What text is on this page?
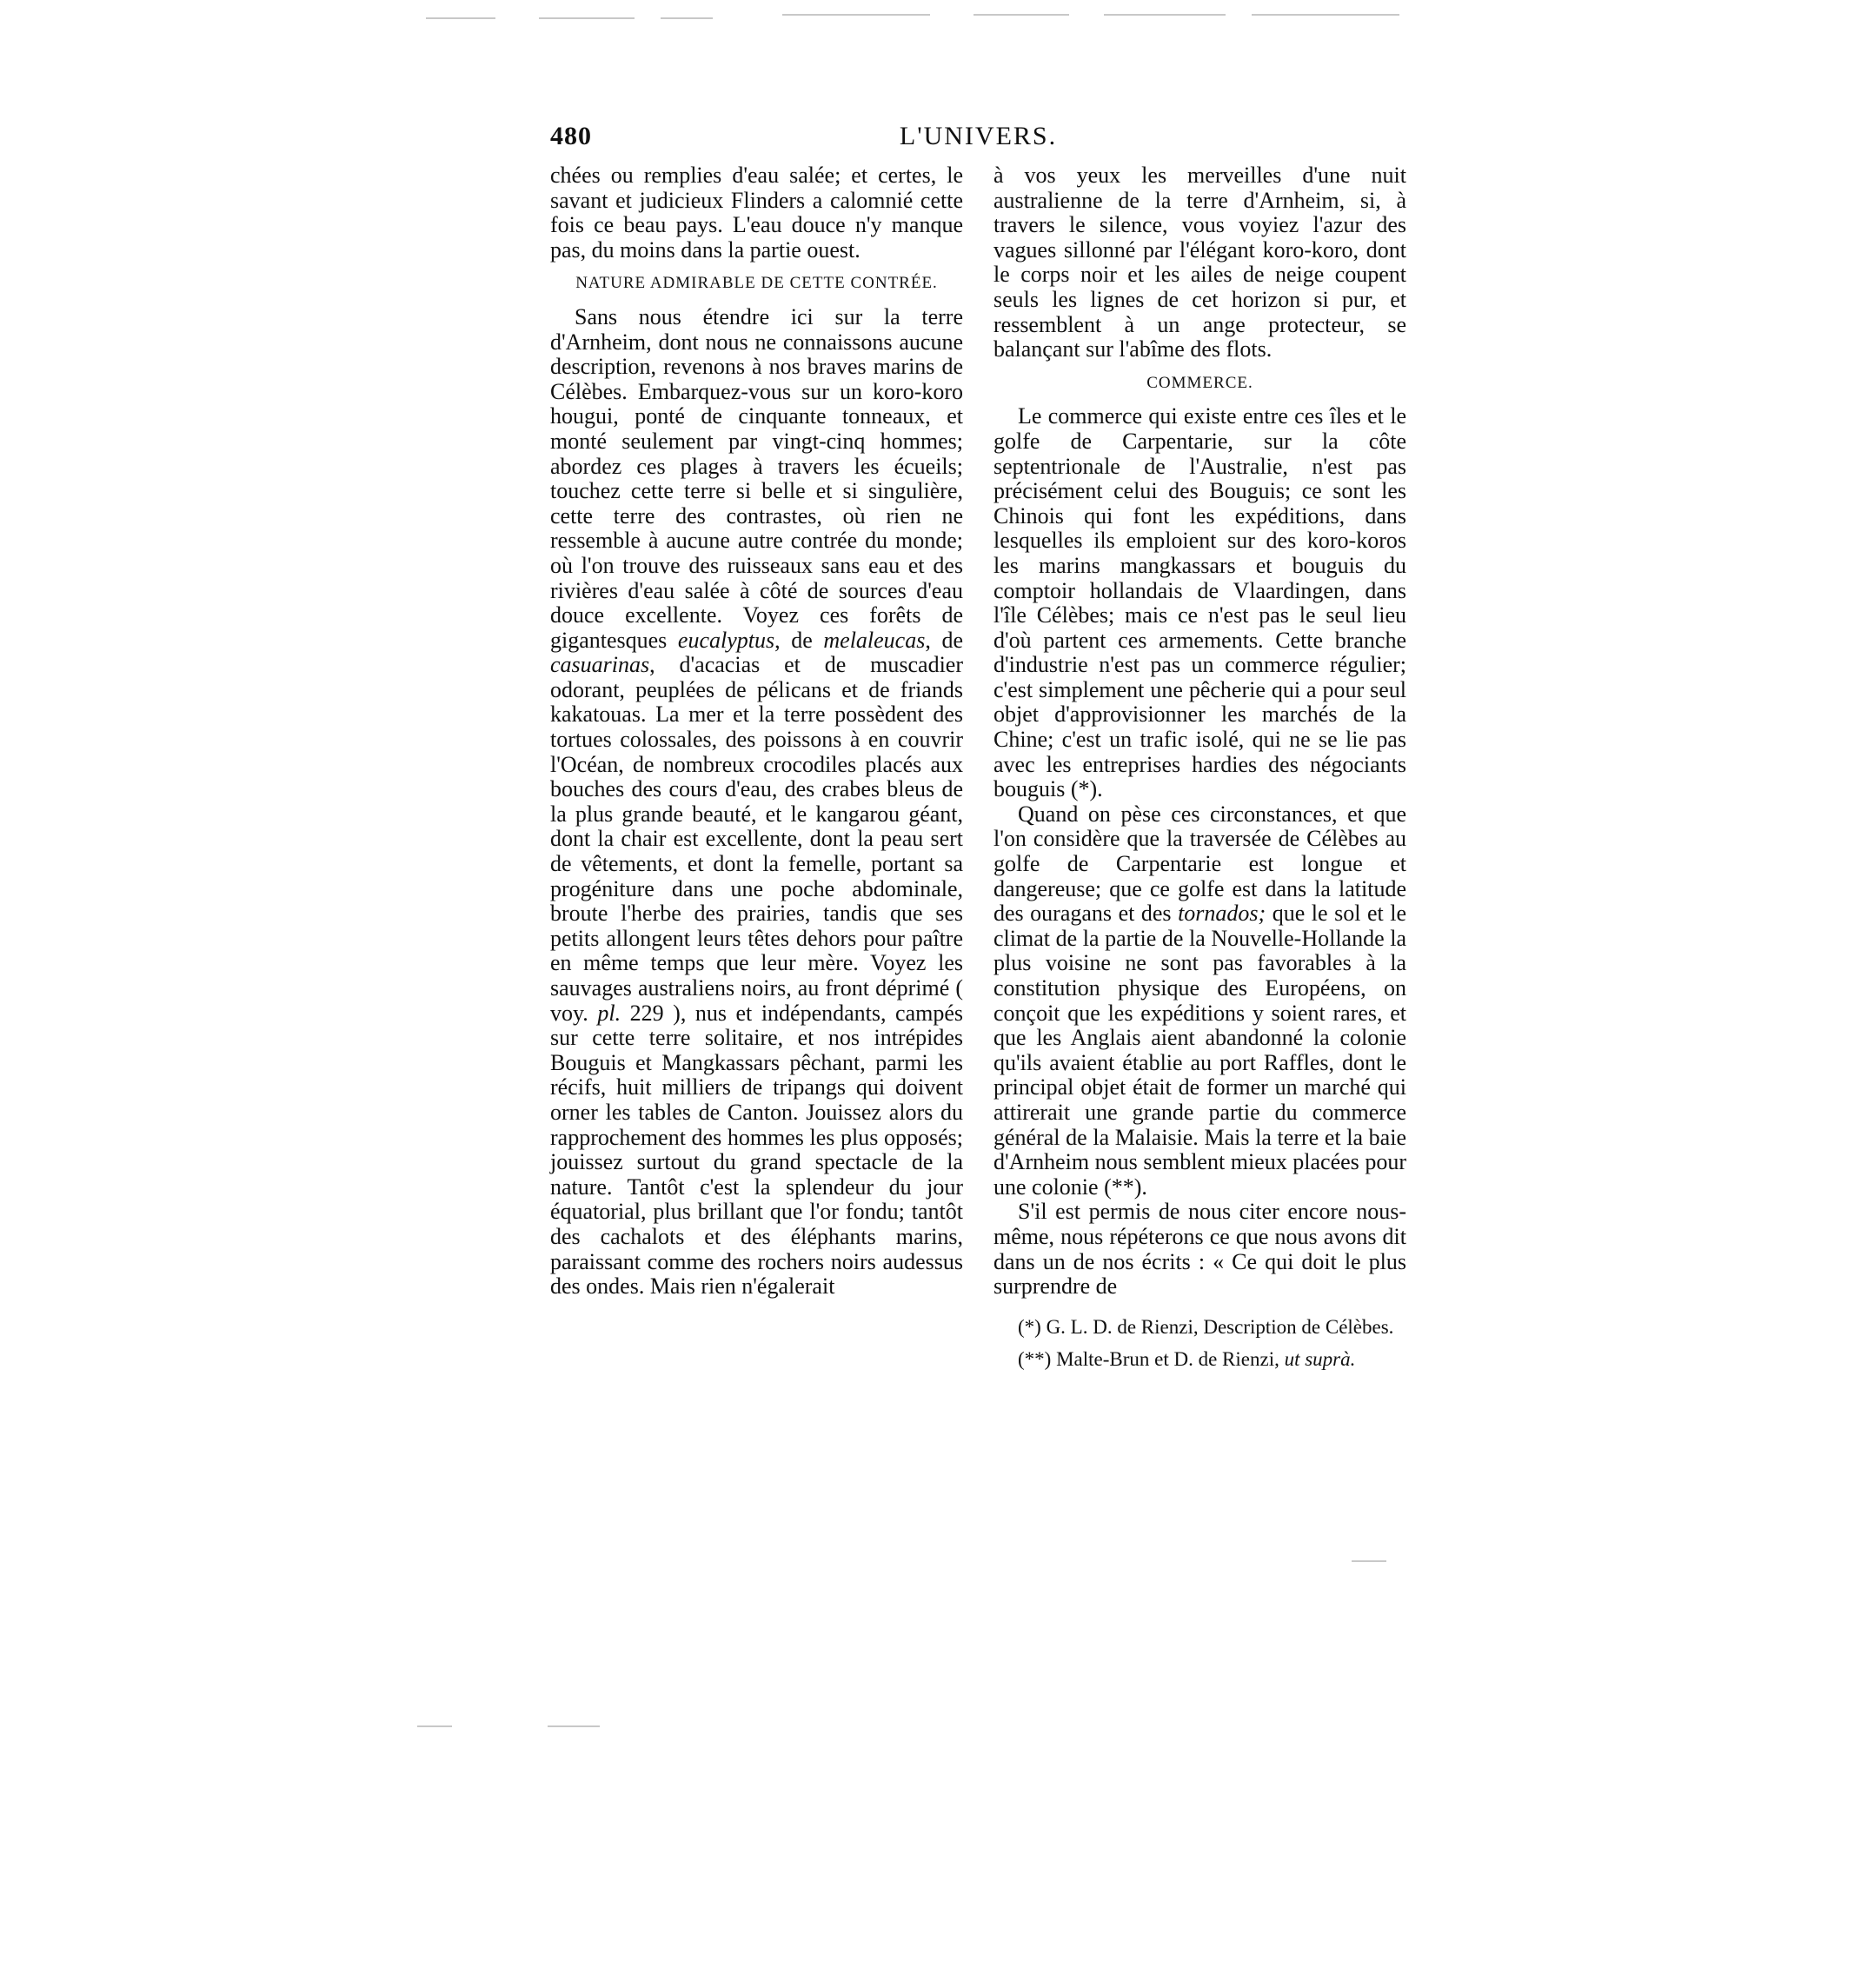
480	L'UNIVERS.

chées ou remplies d'eau salée; et certes, le savant et judicieux Flinders a calomnié cette fois ce beau pays. L'eau douce n'y manque pas, du moins dans la partie ouest.

NATURE ADMIRABLE DE CETTE CONTRÉE.

Sans nous étendre ici sur la terre d'Arnheim, dont nous ne connaissons aucune description, revenons à nos braves marins de Célèbes. Embarquez-vous sur un koro-koro hougui, ponté de cinquante tonneaux, et monté seulement par vingt-cinq hommes; abordez ces plages à travers les écueils; touchez cette terre si belle et si singulière, cette terre des contrastes, où rien ne ressemble à aucune autre contrée du monde; où l'on trouve des ruisseaux sans eau et des rivières d'eau salée à côté de sources d'eau douce excellente. Voyez ces forêts de gigantesques eucalyptus, de melaleucas, de casuarinas, d'acacias et de muscadier odorant, peuplées de pélicans et de friands kakatouas. La mer et la terre possèdent des tortues colossales, des poissons à en couvrir l'Océan, de nombreux crocodiles placés aux bouches des cours d'eau, des crabes bleus de la plus grande beauté, et le kangarou géant, dont la chair est excellente, dont la peau sert de vêtements, et dont la femelle, portant sa progéniture dans une poche abdominale, broute l'herbe des prairies, tandis que ses petits allongent leurs têtes dehors pour paître en même temps que leur mère. Voyez les sauvages australiens noirs, au front déprimé ( voy. pl. 229 ), nus et indépendants, campés sur cette terre solitaire, et nos intrépides Bouguis et Mangkassars pêchant, parmi les récifs, huit milliers de tripangs qui doivent orner les tables de Canton. Jouissez alors du rapprochement des hommes les plus opposés; jouissez surtout du grand spectacle de la nature. Tantôt c'est la splendeur du jour équatorial, plus brillant que l'or fondu; tantôt des cachalots et des éléphants marins, paraissant comme des rochers noirs audessus des ondes. Mais rien n'égalerait

à vos yeux les merveilles d'une nuit australienne de la terre d'Arnheim, si, à travers le silence, vous voyiez l'azur des vagues sillonné par l'élégant koro-koro, dont le corps noir et les ailes de neige coupent seuls les lignes de cet horizon si pur, et ressemblent à un ange protecteur, se balançant sur l'abîme des flots.

COMMERCE.

Le commerce qui existe entre ces îles et le golfe de Carpentarie, sur la côte septentrionale de l'Australie, n'est pas précisément celui des Bouguis; ce sont les Chinois qui font les expéditions, dans lesquelles ils emploient sur des koro-koros les marins mangkassars et bouguis du comptoir hollandais de Vlaardingen, dans l'île Célèbes; mais ce n'est pas le seul lieu d'où partent ces armements. Cette branche d'industrie n'est pas un commerce régulier; c'est simplement une pêcherie qui a pour seul objet d'approvisionner les marchés de la Chine; c'est un trafic isolé, qui ne se lie pas avec les entreprises hardies des négociants bouguis (*).

Quand on pèse ces circonstances, et que l'on considère que la traversée de Célèbes au golfe de Carpentarie est longue et dangereuse; que ce golfe est dans la latitude des ouragans et des tornados; que le sol et le climat de la partie de la Nouvelle-Hollande la plus voisine ne sont pas favorables à la constitution physique des Européens, on conçoit que les expéditions y soient rares, et que les Anglais aient abandonné la colonie qu'ils avaient établie au port Raffles, dont le principal objet était de former un marché qui attirerait une grande partie du commerce général de la Malaisie. Mais la terre et la baie d'Arnheim nous semblent mieux placées pour une colonie (**).

S'il est permis de nous citer encore nous-même, nous répéterons ce que nous avons dit dans un de nos écrits : « Ce qui doit le plus surprendre de

(*) G. L. D. de Rienzi, Description de Célèbes.

(**) Malte-Brun et D. de Rienzi, ut suprà.
